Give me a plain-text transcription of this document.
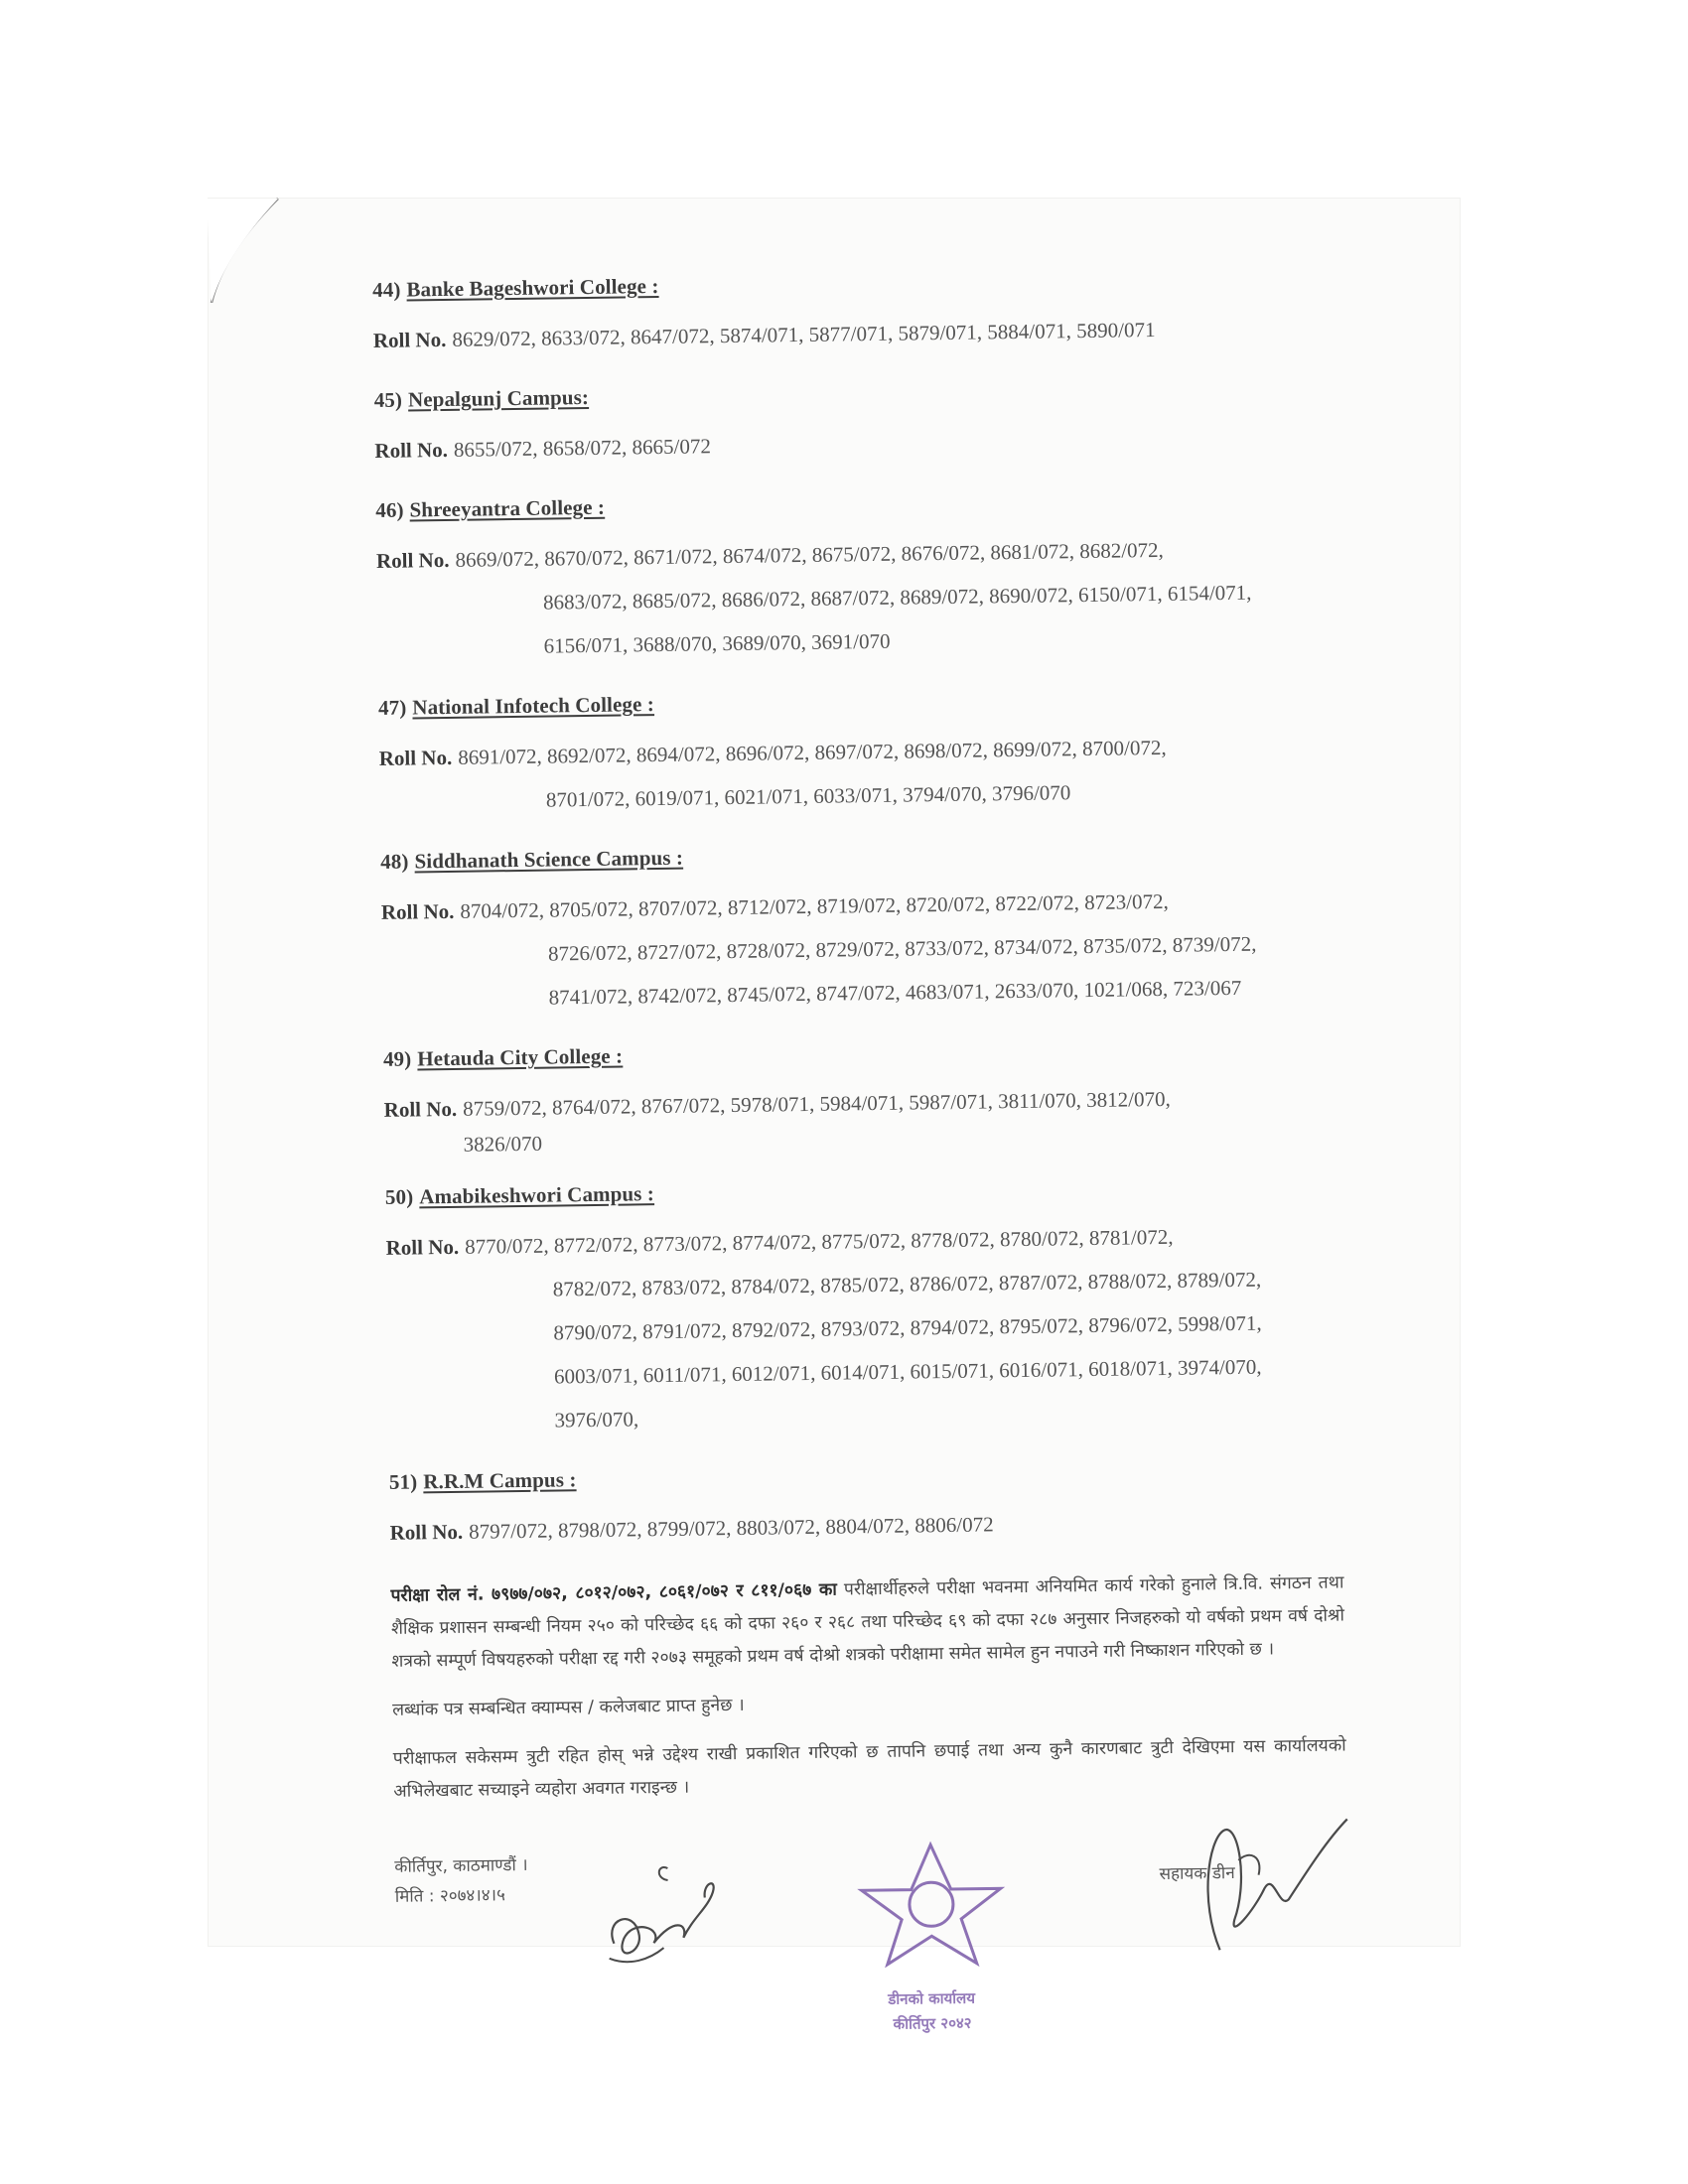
44) Banke Bageshwori College :
Roll No. 8629/072, 8633/072, 8647/072, 5874/071, 5877/071, 5879/071, 5884/071, 5890/071
45) Nepalgunj Campus:
Roll No. 8655/072, 8658/072, 8665/072
46) Shreeyantra College :
Roll No. 8669/072, 8670/072, 8671/072, 8674/072, 8675/072, 8676/072, 8681/072, 8682/072,
8683/072, 8685/072, 8686/072, 8687/072, 8689/072, 8690/072, 6150/071, 6154/071,
6156/071, 3688/070, 3689/070, 3691/070
47) National Infotech College :
Roll No. 8691/072, 8692/072, 8694/072, 8696/072, 8697/072, 8698/072, 8699/072, 8700/072,
8701/072, 6019/071, 6021/071, 6033/071, 3794/070, 3796/070
48) Siddhanath Science Campus :
Roll No. 8704/072, 8705/072, 8707/072, 8712/072, 8719/072, 8720/072, 8722/072, 8723/072,
8726/072, 8727/072, 8728/072, 8729/072, 8733/072, 8734/072, 8735/072, 8739/072,
8741/072, 8742/072, 8745/072, 8747/072, 4683/071, 2633/070, 1021/068, 723/067
49) Hetauda City College :
Roll No. 8759/072, 8764/072, 8767/072, 5978/071, 5984/071, 5987/071, 3811/070, 3812/070,
3826/070
50) Amabikeshwori Campus :
Roll No. 8770/072, 8772/072, 8773/072, 8774/072, 8775/072, 8778/072, 8780/072, 8781/072,
8782/072, 8783/072, 8784/072, 8785/072, 8786/072, 8787/072, 8788/072, 8789/072,
8790/072, 8791/072, 8792/072, 8793/072, 8794/072, 8795/072, 8796/072, 5998/071,
6003/071, 6011/071, 6012/071, 6014/071, 6015/071, 6016/071, 6018/071, 3974/070,
3976/070,
51) R.R.M Campus :
Roll No. 8797/072, 8798/072, 8799/072, 8803/072, 8804/072, 8806/072
परीक्षा रोल नं. ७९७७/०७२, ८०१२/०७२, ८०६१/०७२ र ८११/०६७ का परीक्षार्थीहरुले परीक्षा भवनमा अनियमित कार्य गरेको हुनाले त्रि.वि. संगठन तथा शैक्षिक प्रशासन सम्बन्धी नियम २५० को परिच्छेद ६६ को दफा २६० र २६८ तथा परिच्छेद ६९ को दफा २८७ अनुसार निजहरुको यो वर्षको प्रथम वर्ष दोश्रो शत्रको सम्पूर्ण विषयहरुको परीक्षा रद्द गरी २०७३ समूहको प्रथम वर्ष दोश्रो शत्रको परीक्षामा समेत सामेल हुन नपाउने गरी निष्काशन गरिएको छ ।
लब्धांक पत्र सम्बन्धित क्याम्पस / कलेजबाट प्राप्त हुनेछ ।
परीक्षाफल सकेसम्म त्रुटी रहित होस् भन्ने उद्देश्य राखी प्रकाशित गरिएको छ तापनि छपाई तथा अन्य कुनै कारणबाट त्रुटी देखिएमा यस कार्यालयको अभिलेखबाट सच्याइने व्यहोरा अवगत गराइन्छ ।
कीर्तिपुर, काठमाण्डौं ।
मिति : २०७४।४।५
डीनको कार्यालय
कीर्तिपुर २०४२
सहायक डीन
